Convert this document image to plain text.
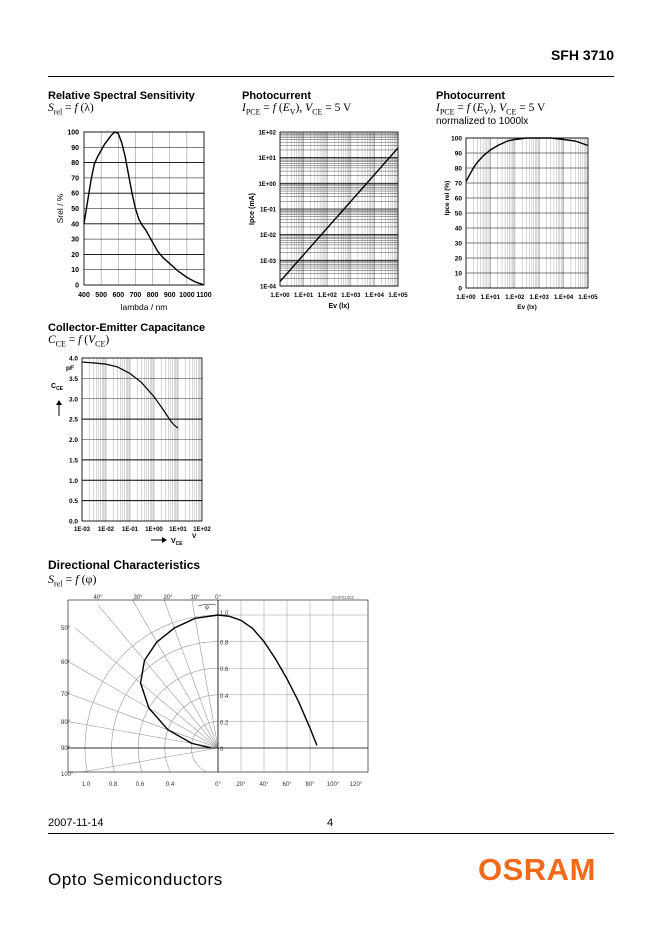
SFH 3710
Relative Spectral Sensitivity
$S_{rel} = f$ (λ)
Photocurrent
$I_{PCE} = f$ $(E_V)$, $V_{CE} = 5$ V
Photocurrent
$I_{PCE} = f$ $(E_V)$, $V_{CE} = 5$ V
normalized to 1000lx
Collector-Emitter Capacitance
$C_{CE} = f$ $(V_{CE})$
Directional Characteristics
$S_{rel} = f$ (φ)
400 500 600 700 800 900 1000 1100
0
10
20
30
40
50
60
70
80
90
100
lambda / nm
Srel / %
1E-04
1E-03
1E-02
1E-01
1E+00
1E+01
1E+02
1.E+00 1.E+01 1.E+02 1.E+03 1.E+04 1.E+05
Ev (lx)
Ipce (mA)
0
10
20
30
40
50
60
70
80
90
100
1.E+00 1.E+01 1.E+02 1.E+03 1.E+04 1.E+05
Ev (lx)
Ipce rel (%)
0.0
0.5
1.0
1.5
2.0
2.5
3.0
3.5
4.0
1E-03 1E-02 1E-01 1E+00 1E+01 1E+02
pF
$C_{CE}$
$V_{CE}$
V
40°	30°	20°	10°	0°
50°
60°
70°
80°
90°
100°
1.0
0.8
0.6
0.4
0.2
0
1.0	0.8	0.6	0.4	0°	20° 40° 60° 80° 100° 120°
φ
OHF01402
2007-11-14	4
Opto Semiconductors	OSRAM
